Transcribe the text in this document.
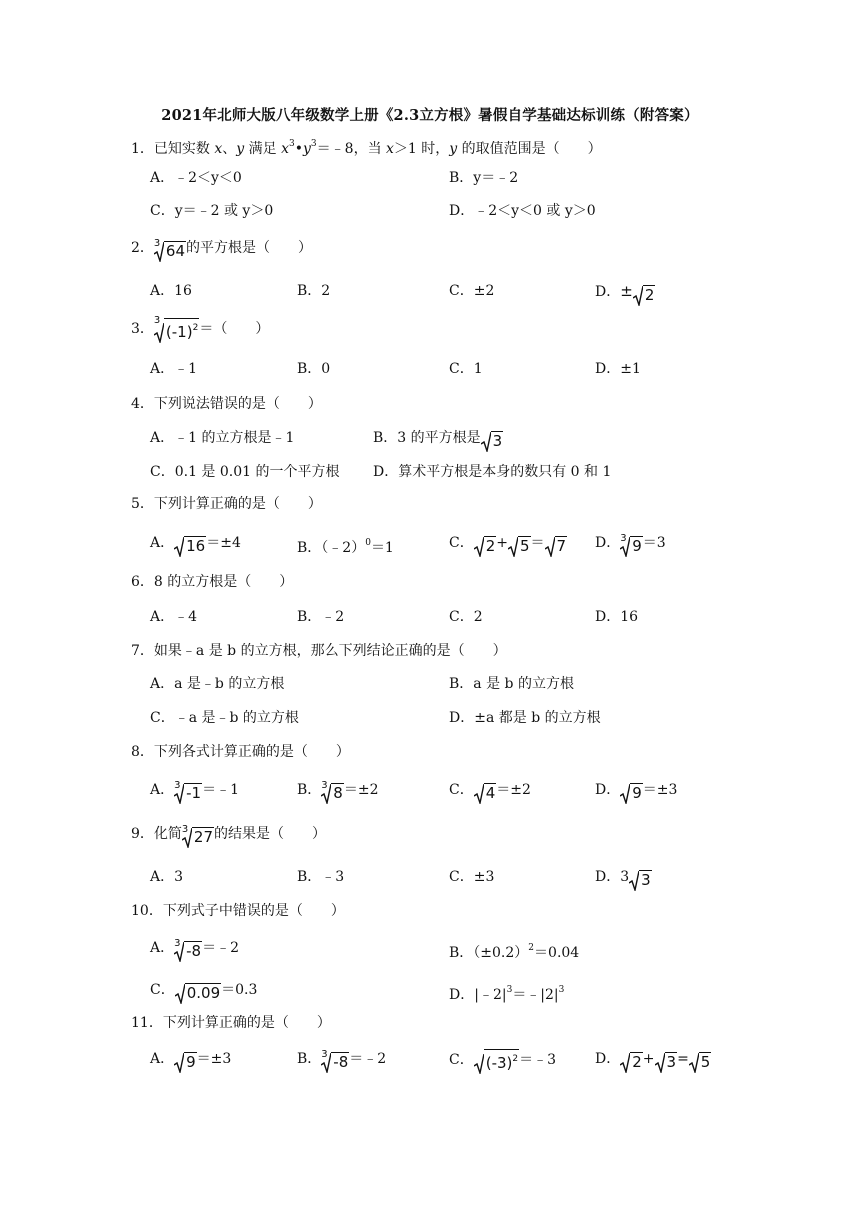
2021年北师大版八年级数学上册《2.3立方根》暑假自学基础达标训练（附答案）
1．已知实数 x、y 满足 $x^3•y^3=﹣8$，当 x＞1 时，y 的取值范围是（　　）
A．﹣2＜y＜0	B．y＝﹣2
C．y＝﹣2 或 y＞0	D．﹣2＜y＜0 或 y＞0
2． 3 64的平方根是（　　）
A．16	B．2	C．±2	D．± 2
3．
3
$(-1)^2=$（　　）
A．﹣1	B．0	C．1	D．±1
4．下列说法错误的是（　　）
A．﹣1 的立方根是﹣1	B．3 的平方根是 3
C．0.1 是 0.01 的一个平方根 D．算术平方根是本身的数只有 0 和 1
5．下列计算正确的是（　　）
A． 16＝±4	B．（﹣2）$^0$＝1	C． 2+ 5＝ 7 D． 3 9＝3
6．8 的立方根是（　　）
A．﹣4	B．﹣2	C．2	D．16
7．如果﹣a 是 b 的立方根，那么下列结论正确的是（　　）
A．a 是﹣b 的立方根	B．a 是 b 的立方根
C．﹣a 是﹣b 的立方根	D．±a 都是 b 的立方根
8．下列各式计算正确的是（　　）
A． 3 -1＝﹣1	B． 3 8＝±2	C． 4＝±2	D． 9＝±3
9．化简 3 27的结果是（　　）
A．3	B．﹣3	C．±3	D．3 3
10．下列式子中错误的是（　　）
A． 3 -8＝﹣2	B．$(\pm 0.2)^2=0.04$
C． 0.09＝0.3	D．$|﹣2|^3=﹣|2|^3$
11．下列计算正确的是（　　）
A． 9＝±3	B． 3 -8＝﹣2	C． $(-3)^2=﹣3$	D． 2+ 3= 5
